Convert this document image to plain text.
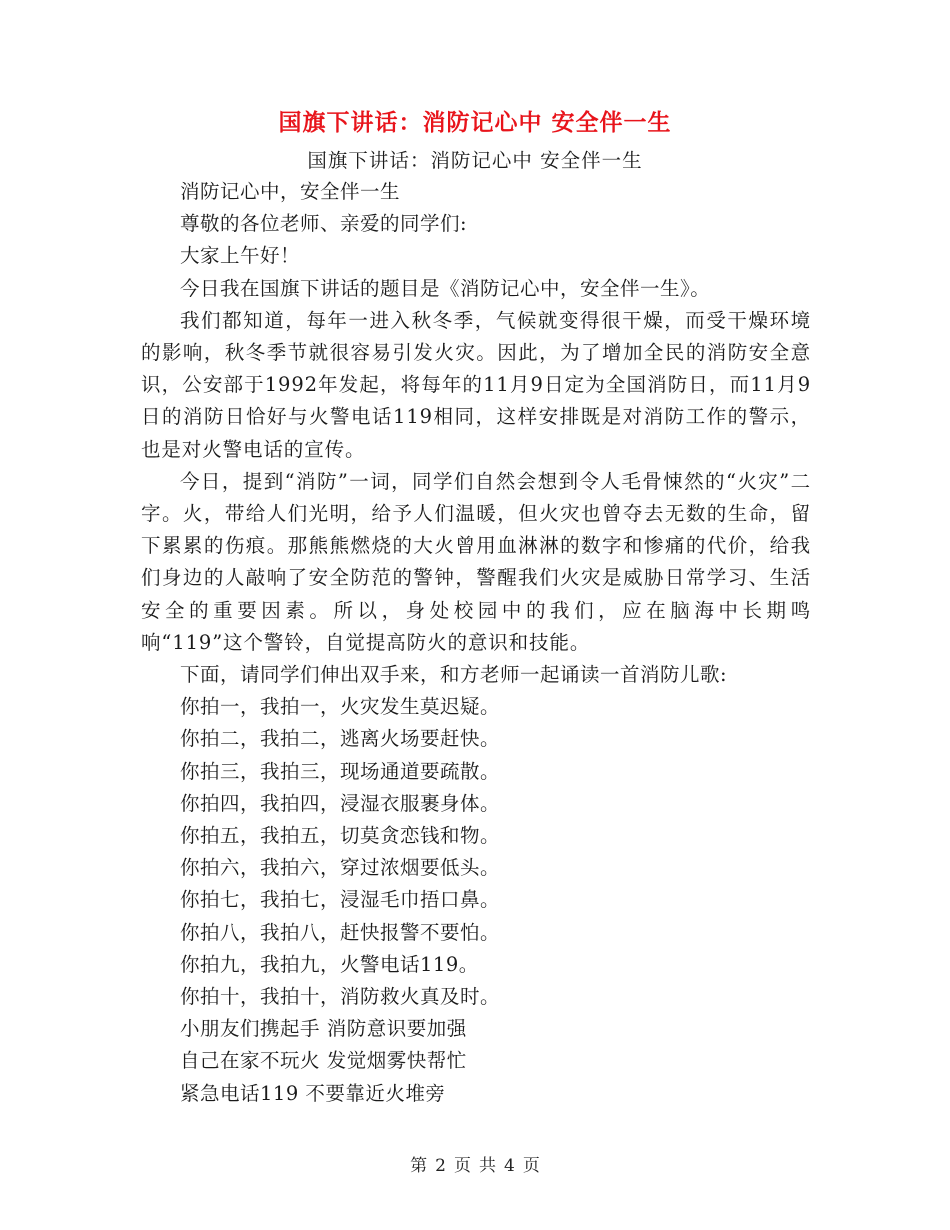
国旗下讲话：消防记心中 安全伴一生
国旗下讲话：消防记心中 安全伴一生

消防记心中，安全伴一生

尊敬的各位老师、亲爱的同学们:

大家上午好！

今日我在国旗下讲话的题目是《消防记心中，安全伴一生》。

我们都知道，每年一进入秋冬季，气候就变得很干燥，而受干燥环境的影响，秋冬季节就很容易引发火灾。因此，为了增加全民的消防安全意识，公安部于1992年发起，将每年的11月9日定为全国消防日，而11月9日的消防日恰好与火警电话119相同，这样安排既是对消防工作的警示，也是对火警电话的宣传。

今日，提到“消防”一词，同学们自然会想到令人毛骨悚然的“火灾”二字。火，带给人们光明，给予人们温暖，但火灾也曾夺去无数的生命，留下累累的伤痕。那熊熊燃烧的大火曾用血淋淋的数字和惨痛的代价，给我们身边的人敲响了安全防范的警钟，警醒我们火灾是威胁日常学习、生活安全的重要因素。所以，身处校园中的我们，应在脑海中长期鸣响“119”这个警铃，自觉提高防火的意识和技能。

下面，请同学们伸出双手来，和方老师一起诵读一首消防儿歌:

你拍一，我拍一，火灾发生莫迟疑。

你拍二，我拍二，逃离火场要赶快。

你拍三，我拍三，现场通道要疏散。

你拍四，我拍四，浸湿衣服裹身体。

你拍五，我拍五，切莫贪恋钱和物。

你拍六，我拍六，穿过浓烟要低头。

你拍七，我拍七，浸湿毛巾捂口鼻。

你拍八，我拍八，赶快报警不要怕。

你拍九，我拍九，火警电话119。

你拍十，我拍十，消防救火真及时。

小朋友们携起手 消防意识要加强

自己在家不玩火 发觉烟雾快帮忙

紧急电话119 不要靠近火堆旁

第 2 页 共 4 页
